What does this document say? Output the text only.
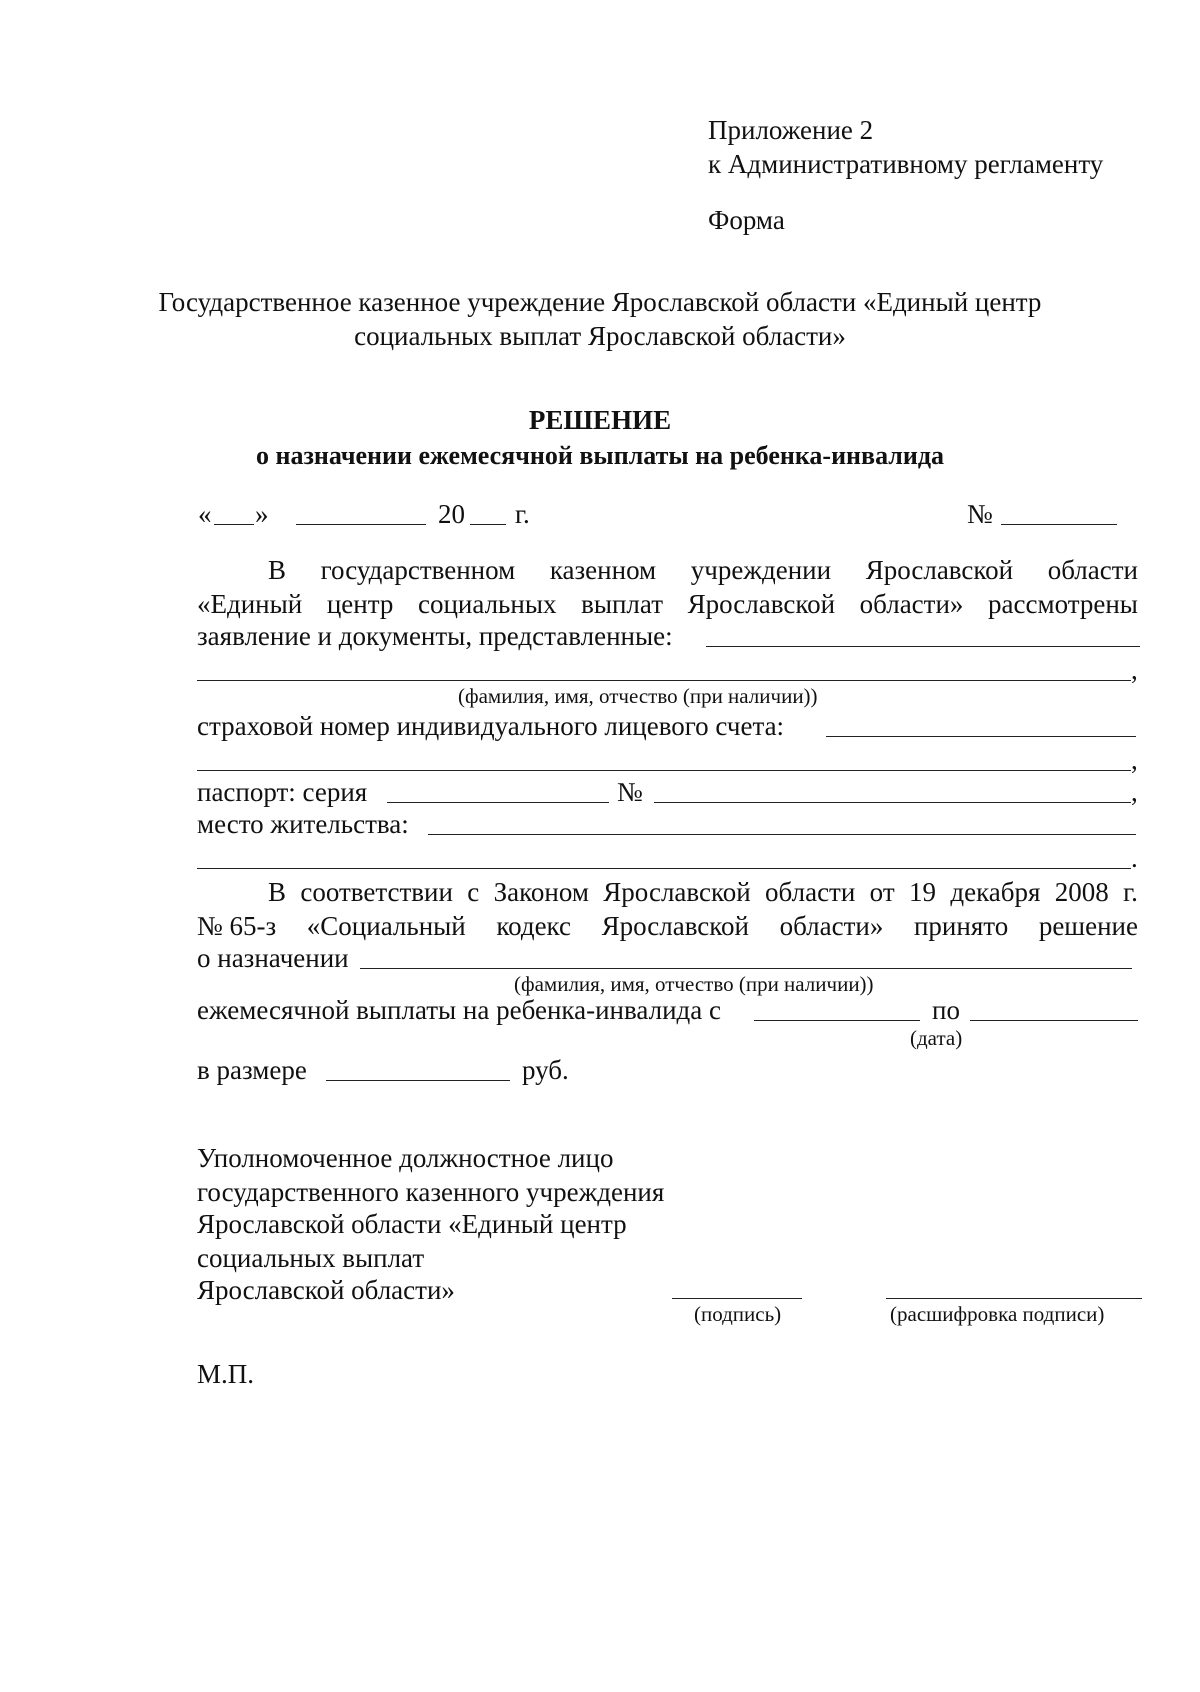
Приложение 2
к Административному регламенту
Форма
Государственное казенное учреждение Ярославской области «Единый центр
социальных выплат Ярославской области»
РЕШЕНИЕ
о назначении ежемесячной выплаты на ребенка-инвалида
« »	20 г.	№
В государственном казенном учреждении Ярославской области
«Единый центр социальных выплат Ярославской области» рассмотрены
заявление и документы, представленные:
,
(фамилия, имя, отчество (при наличии))
страховой номер индивидуального лицевого счета:
,
паспорт: серия	№	,
место жительства:
.
В соответствии с Законом Ярославской области от 19 декабря 2008 г.
№ 65-з «Социальный кодекс Ярославской области» принято решение
о назначении
(фамилия, имя, отчество (при наличии))
ежемесячной выплаты на ребенка-инвалида с	по
(дата)
в размере	руб.
Уполномоченное должностное лицо
государственного казенного учреждения
Ярославской области «Единый центр
социальных выплат
Ярославской области»
(подпись)	(расшифровка подписи)
М.П.
